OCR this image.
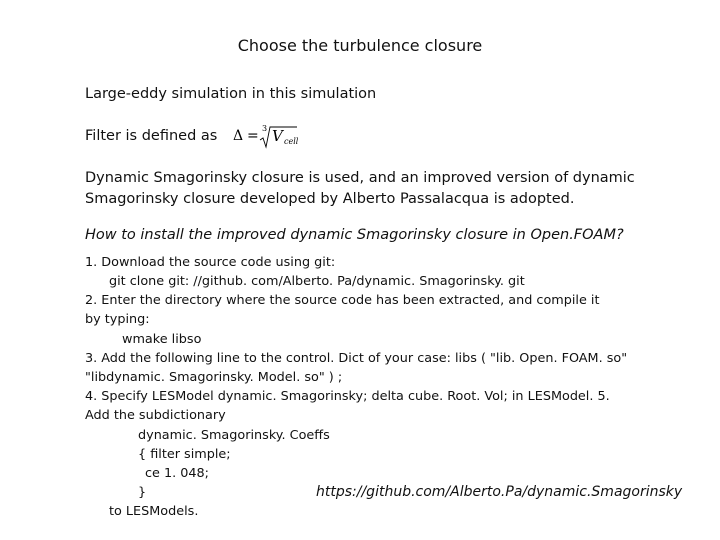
Choose the turbulence closure
Large-eddy simulation in this simulation
Filter is defined as Δ = 3 V cell
Dynamic Smagorinsky closure is used, and an improved version of dynamic
Smagorinsky closure developed by Alberto Passalacqua is adopted.
How to install the improved dynamic Smagorinsky closure in Open.FOAM?
1. Download the source code using git:
git clone git: //github. com/Alberto. Pa/dynamic. Smagorinsky. git
2. Enter the directory where the source code has been extracted, and compile it
by typing:
wmake libso
3. Add the following line to the control. Dict of your case: libs ( "lib. Open. FOAM. so"
"libdynamic. Smagorinsky. Model. so" ) ;
4. Specify LESModel dynamic. Smagorinsky; delta cube. Root. Vol; in LESModel. 5.
Add the subdictionary
dynamic. Smagorinsky. Coeffs
{ filter simple;
ce 1. 048;
}
to LESModels.
https://github.com/Alberto.Pa/dynamic.Smagorinsky
